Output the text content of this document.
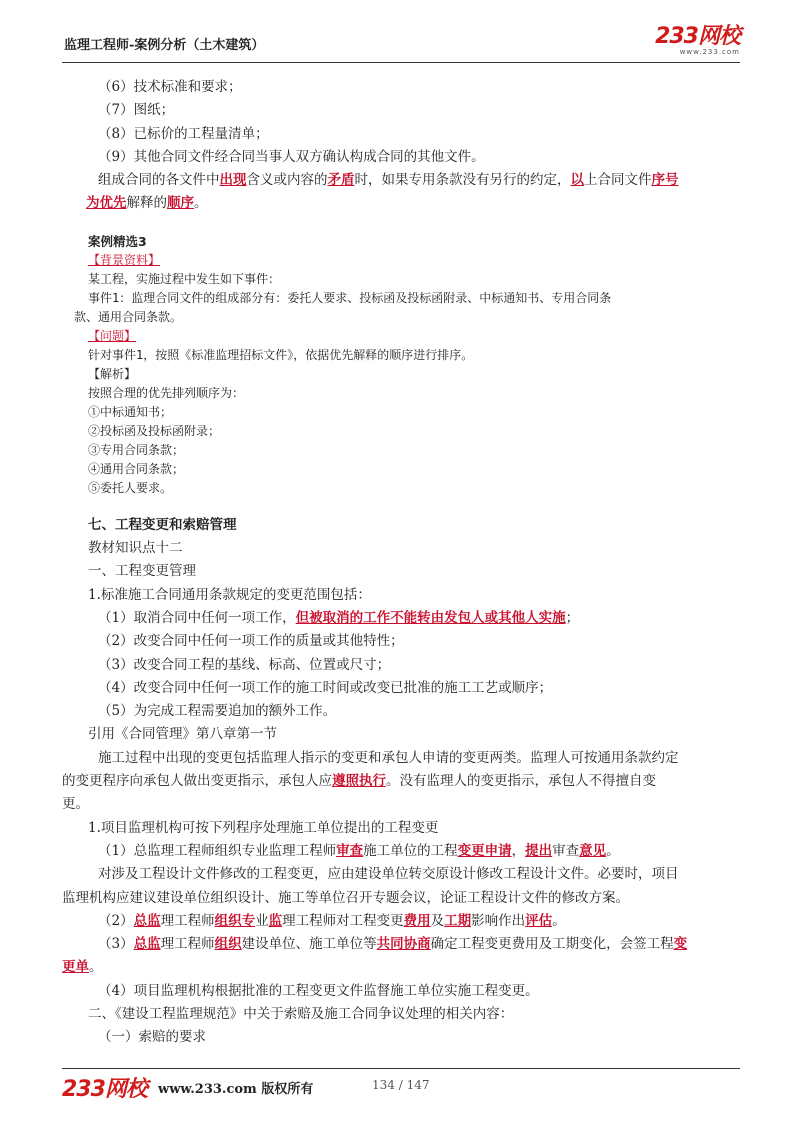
监理工程师-案例分析（土木建筑）	233网校
www.233.com

（6）技术标准和要求；

（7）图纸；

（8）已标价的工程量清单；

（9）其他合同文件经合同当事人双方确认构成合同的其他文件。

组成合同的各文件中出现含义或内容的矛盾时，如果专用条款没有另行的约定，以上合同文件序号

为优先解释的顺序。

案例精选3

【背景资料】

某工程，实施过程中发生如下事件：

事件1：监理合同文件的组成部分有：委托人要求、投标函及投标函附录、中标通知书、专用合同条

款、通用合同条款。

【问题】

针对事件1，按照《标准监理招标文件》，依据优先解释的顺序进行排序。

【解析】

按照合理的优先排列顺序为：

①中标通知书；

②投标函及投标函附录；

③专用合同条款；

④通用合同条款；

⑤委托人要求。

七、工程变更和索赔管理

教材知识点十二

一、工程变更管理

1.标准施工合同通用条款规定的变更范围包括：

（1）取消合同中任何一项工作，但被取消的工作不能转由发包人或其他人实施；

（2）改变合同中任何一项工作的质量或其他特性；

（3）改变合同工程的基线、标高、位置或尺寸；

（4）改变合同中任何一项工作的施工时间或改变已批准的施工工艺或顺序；

（5）为完成工程需要追加的额外工作。

引用《合同管理》第八章第一节

施工过程中出现的变更包括监理人指示的变更和承包人申请的变更两类。监理人可按通用条款约定

的变更程序向承包人做出变更指示，承包人应遵照执行。没有监理人的变更指示，承包人不得擅自变

更。

1.项目监理机构可按下列程序处理施工单位提出的工程变更

（1）总监理工程师组织专业监理工程师审查施工单位的工程变更申请，提出审查意见。

对涉及工程设计文件修改的工程变更，应由建设单位转交原设计修改工程设计文件。必要时，项目

监理机构应建议建设单位组织设计、施工等单位召开专题会议，论证工程设计文件的修改方案。

（2）总监理工程师组织专业监理工程师对工程变更费用及工期影响作出评估。

（3）总监理工程师组织建设单位、施工单位等共同协商确定工程变更费用及工期变化，会签工程变

更单。

（4）项目监理机构根据批准的工程变更文件监督施工单位实施工程变更。

二、《建设工程监理规范》中关于索赔及施工合同争议处理的相关内容：

（一）索赔的要求

233网校 www.233.com 版权所有	134 / 147
